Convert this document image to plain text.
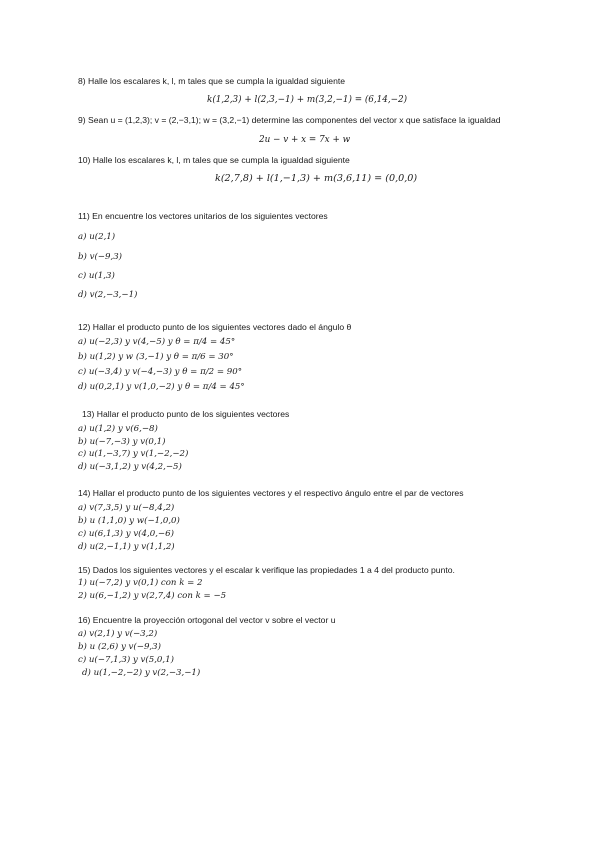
8) Halle los escalares k, l, m tales que se cumpla la igualdad siguiente
k(1,2,3) + l(2,3,−1) + m(3,2,−1) = (6,14,−2)
9) Sean u = (1,2,3); v = (2,−3,1); w = (3,2,−1) determine las componentes del vector x que satisface la igualdad
2u − v + x = 7x + w
10) Halle los escalares k, l, m tales que se cumpla la igualdad siguiente
k(2,7,8) + l(1,−1,3) + m(3,6,11) = (0,0,0)
11) En encuentre los vectores unitarios de los siguientes vectores
a) u(2,1)
b) v(−9,3)
c) u(1,3)
d) v(2,−3,−1)
12) Hallar el producto punto de los siguientes vectores dado el ángulo θ
a) u(−2,3) y v(4,−5) y θ = π/4 = 45°
b) u(1,2) y w (3,−1) y θ = π/6 = 30°
c) u(−3,4) y v(−4,−3) y θ = π/2 = 90°
d) u(0,2,1) y v(1,0,−2) y θ = π/4 = 45°
13) Hallar el producto punto de los siguientes vectores
a) u(1,2) y v(6,−8)
b) u(−7,−3) y v(0,1)
c) u(1,−3,7) y v(1,−2,−2)
d) u(−3,1,2) y v(4,2,−5)
14) Hallar el producto punto de los siguientes vectores y el respectivo ángulo entre el par de vectores
a) v(7,3,5) y u(−8,4,2)
b) u (1,1,0) y w(−1,0,0)
c) u(6,1,3) y v(4,0,−6)
d) u(2,−1,1) y v(1,1,2)
15) Dados los siguientes vectores y el escalar k verifique las propiedades 1 a 4 del producto punto.
1) u(−7,2) y v(0,1) con k = 2
2) u(6,−1,2) y v(2,7,4) con k = −5
16) Encuentre la proyección ortogonal del vector v sobre el vector u
a) v(2,1) y v(−3,2)
b) u (2,6) y v(−9,3)
c) u(−7,1,3) y v(5,0,1)
d) u(1,−2,−2) y v(2,−3,−1)
